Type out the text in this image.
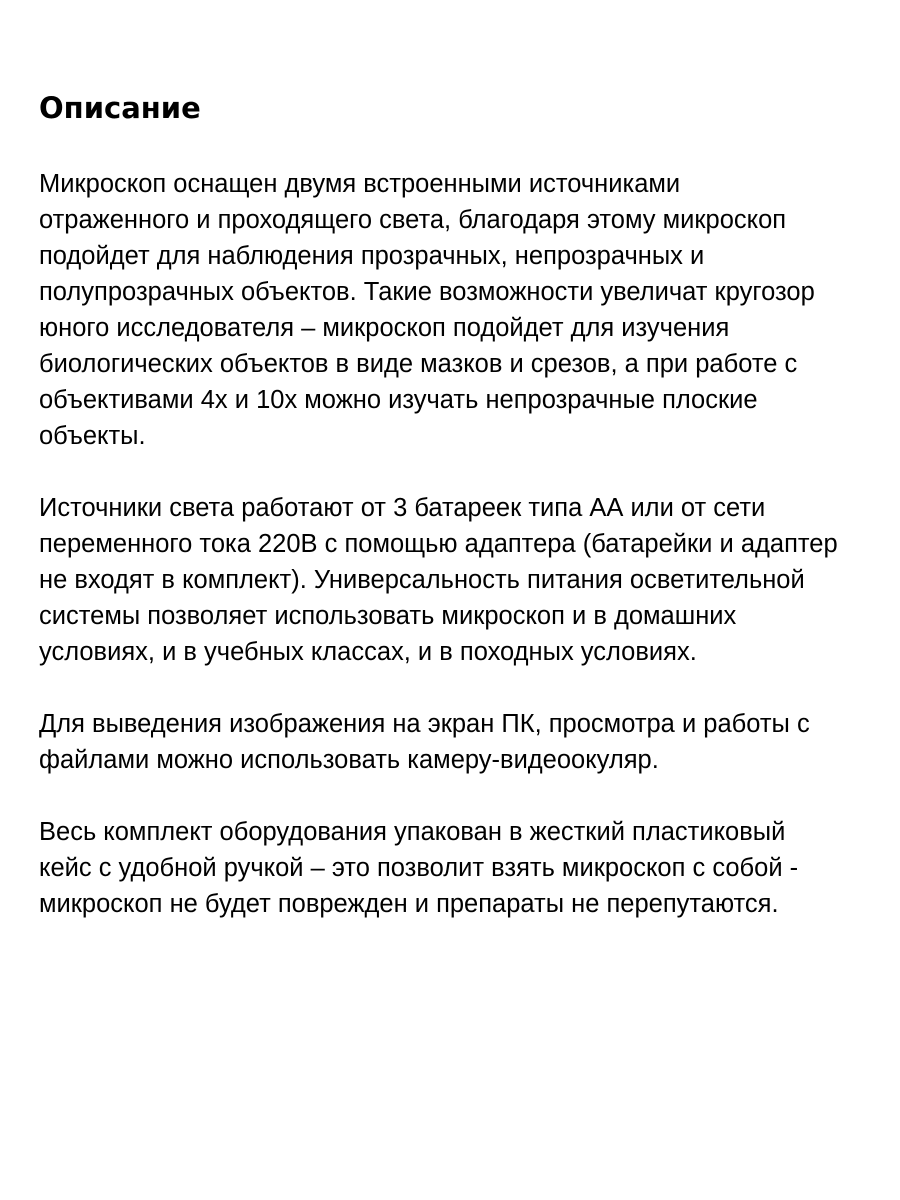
Описание

Микроскоп оснащен двумя встроенными источниками
отраженного и проходящего света, благодаря этому микроскоп
подойдет для наблюдения прозрачных, непрозрачных и
полупрозрачных объектов. Такие возможности увеличат кругозор
юного исследователя – микроскоп подойдет для изучения
биологических объектов в виде мазков и срезов, а при работе с
объективами 4х и 10х можно изучать непрозрачные плоские
объекты.

Источники света работают от 3 батареек типа АА или от сети
переменного тока 220В с помощью адаптера (батарейки и адаптер
не входят в комплект). Универсальность питания осветительной
системы позволяет использовать микроскоп и в домашних
условиях, и в учебных классах, и в походных условиях.

Для выведения изображения на экран ПК, просмотра и работы с
файлами можно использовать камеру-видеоокуляр.

Весь комплект оборудования упакован в жесткий пластиковый
кейс с удобной ручкой – это позволит взять микроскоп с собой -
микроскоп не будет поврежден и препараты не перепутаются.
